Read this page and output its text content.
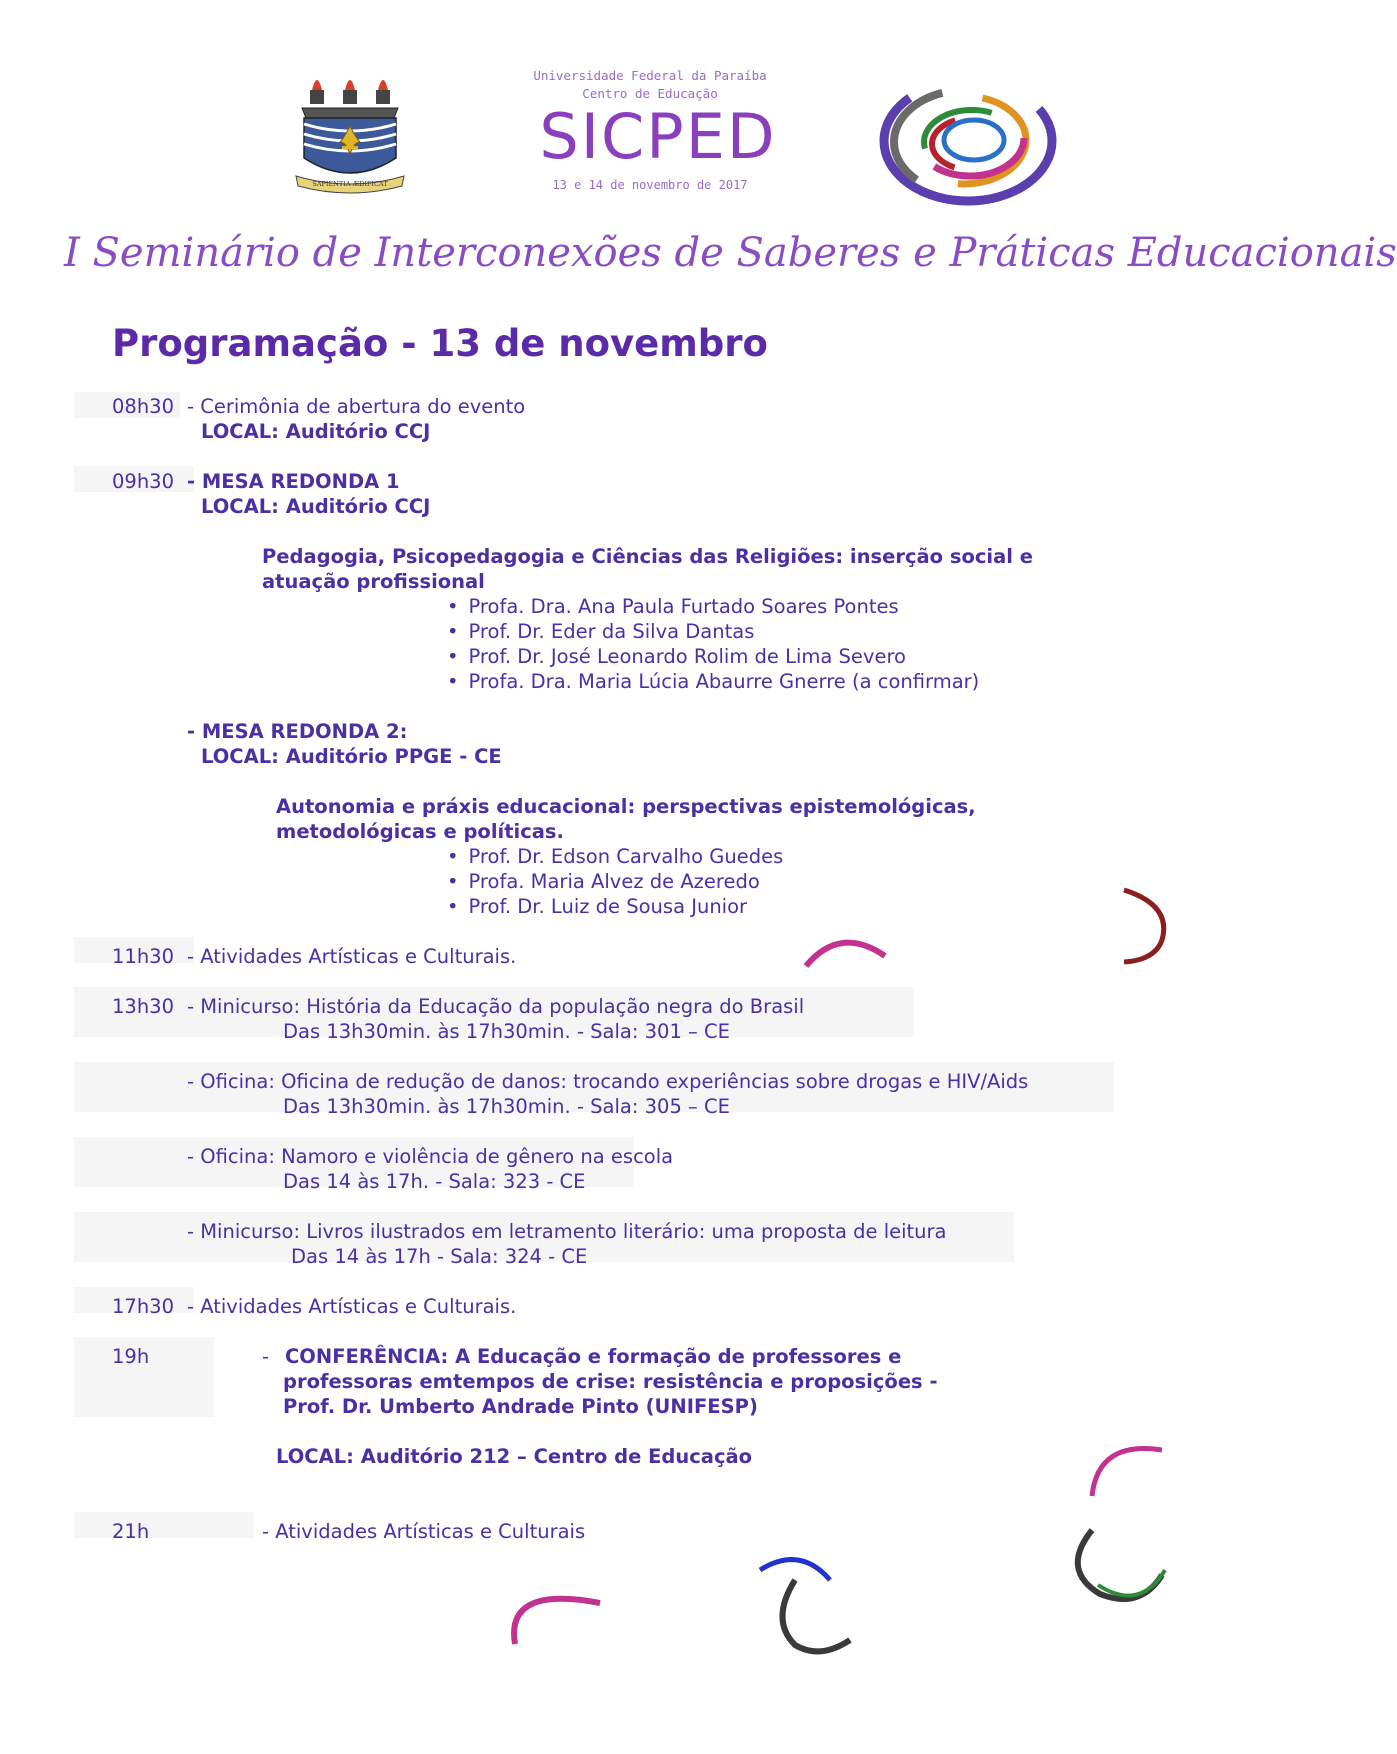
SAPIENTIA ÆDIFICAT
Universidade Federal da Paraíba
Centro de Educação
SICPED
13 e 14 de novembro de 2017
I Seminário de Interconexões de Saberes e Práticas Educacionais
Programação - 13 de novembro
08h30 - Cerimônia de abertura do evento
LOCAL: Auditório CCJ
09h30 - MESA REDONDA 1
LOCAL: Auditório CCJ
Pedagogia, Psicopedagogia e Ciências das Religiões: inserção social e
atuação profissional
• Profa. Dra. Ana Paula Furtado Soares Pontes
• Prof. Dr. Eder da Silva Dantas
• Prof. Dr. José Leonardo Rolim de Lima Severo
• Profa. Dra. Maria Lúcia Abaurre Gnerre (a confirmar)
- MESA REDONDA 2:
LOCAL: Auditório PPGE - CE
Autonomia e práxis educacional: perspectivas epistemológicas,
metodológicas e políticas.
• Prof. Dr. Edson Carvalho Guedes
• Profa. Maria Alvez de Azeredo
• Prof. Dr. Luiz de Sousa Junior
11h30 - Atividades Artísticas e Culturais.
13h30 - Minicurso: História da Educação da população negra do Brasil
Das 13h30min. às 17h30min. - Sala: 301 – CE
- Oficina: Oficina de redução de danos: trocando experiências sobre drogas e HIV/Aids
Das 13h30min. às 17h30min. - Sala: 305 – CE
- Oficina: Namoro e violência de gênero na escola
Das 14 às 17h. - Sala: 323 - CE
- Minicurso: Livros ilustrados em letramento literário: uma proposta de leitura
Das 14 às 17h - Sala: 324 - CE
17h30 - Atividades Artísticas e Culturais.
19h	- CONFERÊNCIA: A Educação e formação de professores e
professoras emtempos de crise: resistência e proposições -
Prof. Dr. Umberto Andrade Pinto (UNIFESP)
LOCAL: Auditório 212 – Centro de Educação
21h	- Atividades Artísticas e Culturais
